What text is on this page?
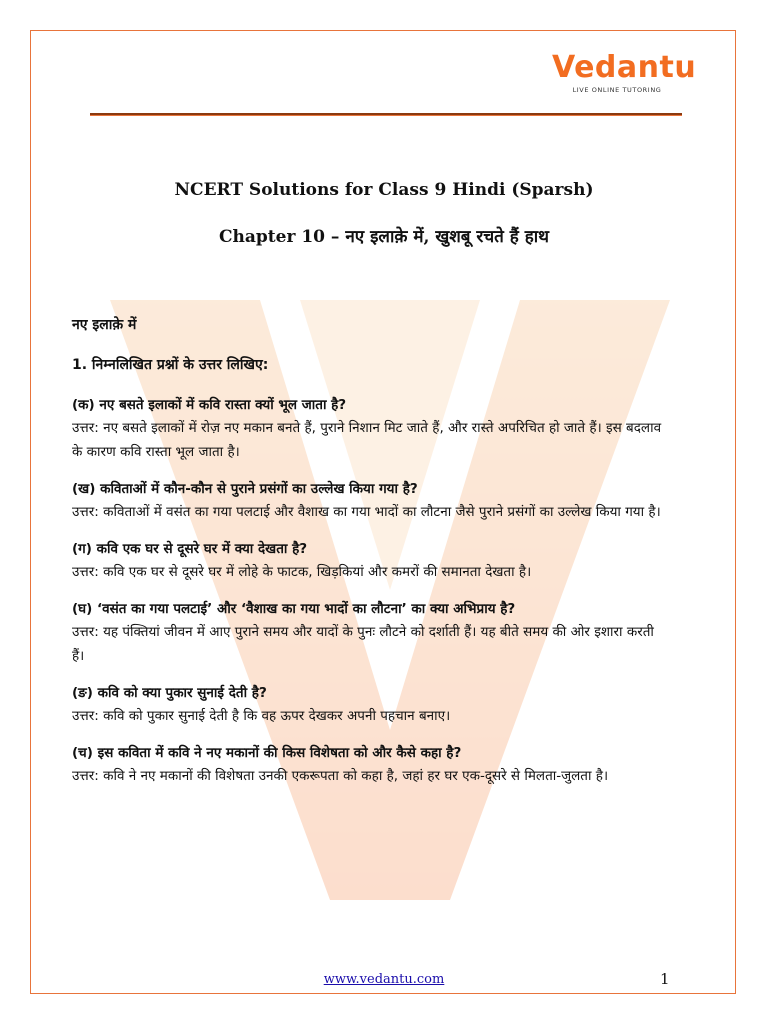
Vedantu
LIVE ONLINE TUTORING
NCERT Solutions for Class 9 Hindi (Sparsh)
Chapter 10 – नए इलाक़े में, खुशबू रचते हैं हाथ
नए इलाक़े में
1. निम्नलिखित प्रश्नों के उत्तर लिखिए:
(क) नए बसते इलाकों में कवि रास्ता क्यों भूल जाता है?
उत्तर: नए बसते इलाकों में रोज़ नए मकान बनते हैं, पुराने निशान मिट जाते हैं, और रास्ते अपरिचित हो जाते हैं। इस बदलाव के कारण कवि रास्ता भूल जाता है।
(ख) कविताओं में कौन-कौन से पुराने प्रसंगों का उल्लेख किया गया है?
उत्तर: कविताओं में वसंत का गया पलटाई और वैशाख का गया भादों का लौटना जैसे पुराने प्रसंगों का उल्लेख किया गया है।
(ग) कवि एक घर से दूसरे घर में क्या देखता है?
उत्तर: कवि एक घर से दूसरे घर में लोहे के फाटक, खिड़कियां और कमरों की समानता देखता है।
(घ) ‘वसंत का गया पलटाई’ और ‘वैशाख का गया भादों का लौटना’ का क्या अभिप्राय है?
उत्तर: यह पंक्तियां जीवन में आए पुराने समय और यादों के पुनः लौटने को दर्शाती हैं। यह बीते समय की ओर इशारा करती हैं।
(ङ) कवि को क्या पुकार सुनाई देती है?
उत्तर: कवि को पुकार सुनाई देती है कि वह ऊपर देखकर अपनी पहचान बनाए।
(च) इस कविता में कवि ने नए मकानों की किस विशेषता को और कैसे कहा है?
उत्तर: कवि ने नए मकानों की विशेषता उनकी एकरूपता को कहा है, जहां हर घर एक-दूसरे से मिलता-जुलता है।
www.vedantu.com	1
